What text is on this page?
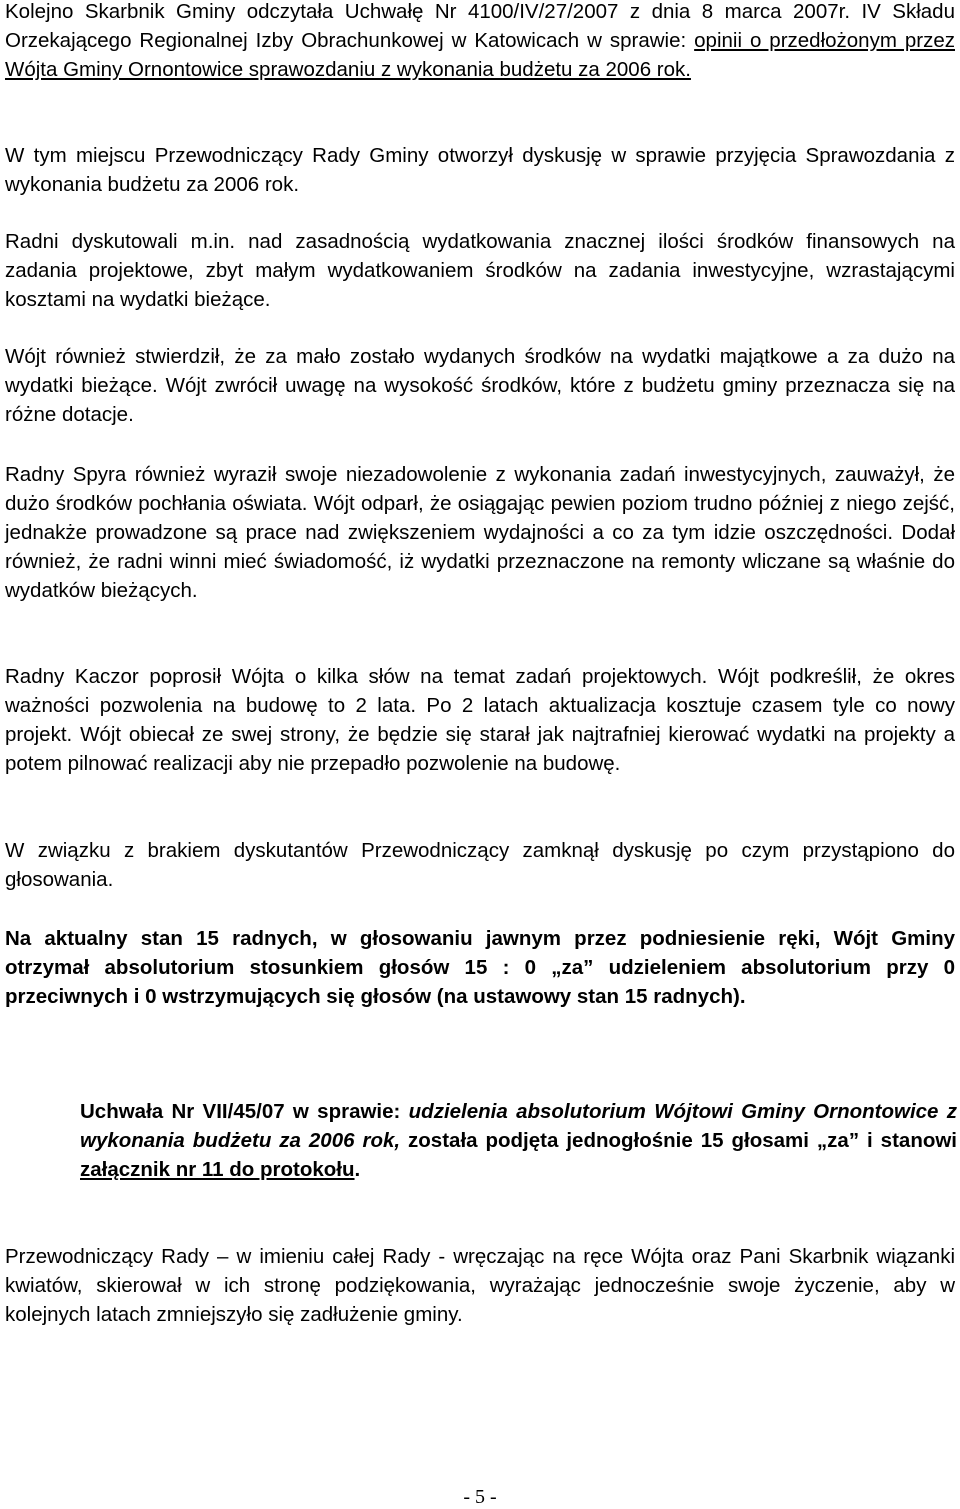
Kolejno Skarbnik Gminy odczytała Uchwałę Nr 4100/IV/27/2007 z dnia 8 marca 2007r. IV Składu Orzekającego Regionalnej Izby Obrachunkowej w Katowicach w sprawie: opinii o przedłożonym przez Wójta Gminy Ornontowice sprawozdaniu z wykonania budżetu za 2006 rok.

W tym miejscu Przewodniczący Rady Gminy otworzył dyskusję w sprawie przyjęcia Sprawozdania z wykonania budżetu za 2006 rok.

Radni dyskutowali m.in. nad zasadnością wydatkowania znacznej ilości środków finansowych na zadania projektowe, zbyt małym wydatkowaniem środków na zadania inwestycyjne, wzrastającymi kosztami na wydatki bieżące.

Wójt również stwierdził, że za mało zostało wydanych środków na wydatki majątkowe a za dużo na wydatki bieżące. Wójt zwrócił uwagę na wysokość środków, które z budżetu gminy przeznacza się na różne dotacje.

Radny Spyra również wyraził swoje niezadowolenie z wykonania zadań inwestycyjnych, zauważył, że dużo środków pochłania oświata. Wójt odparł, że osiągając pewien poziom trudno później z niego zejść, jednakże prowadzone są prace nad zwiększeniem wydajności a co za tym idzie oszczędności. Dodał również, że radni winni mieć świadomość, iż wydatki przeznaczone na remonty wliczane są właśnie do wydatków bieżących.

Radny Kaczor poprosił Wójta o kilka słów na temat zadań projektowych. Wójt podkreślił, że okres ważności pozwolenia na budowę to 2 lata. Po 2 latach aktualizacja kosztuje czasem tyle co nowy projekt. Wójt obiecał ze swej strony, że będzie się starał jak najtrafniej kierować wydatki na projekty a potem pilnować realizacji aby nie przepadło pozwolenie na budowę.

W związku z brakiem dyskutantów Przewodniczący zamknął dyskusję po czym przystąpiono do głosowania.

Na aktualny stan 15 radnych, w głosowaniu jawnym przez podniesienie ręki, Wójt Gminy otrzymał absolutorium stosunkiem głosów 15 : 0 „za” udzieleniem absolutorium przy 0 przeciwnych i 0 wstrzymujących się głosów (na ustawowy stan 15 radnych).

Uchwała Nr VII/45/07 w sprawie: udzielenia absolutorium Wójtowi Gminy Ornontowice z wykonania budżetu za 2006 rok, została podjęta jednogłośnie 15 głosami „za” i stanowi załącznik nr 11 do protokołu.

Przewodniczący Rady – w imieniu całej Rady - wręczając na ręce Wójta oraz Pani Skarbnik wiązanki kwiatów, skierował w ich stronę podziękowania, wyrażając jednocześnie swoje życzenie, aby w kolejnych latach zmniejszyło się zadłużenie gminy.

- 5 -
